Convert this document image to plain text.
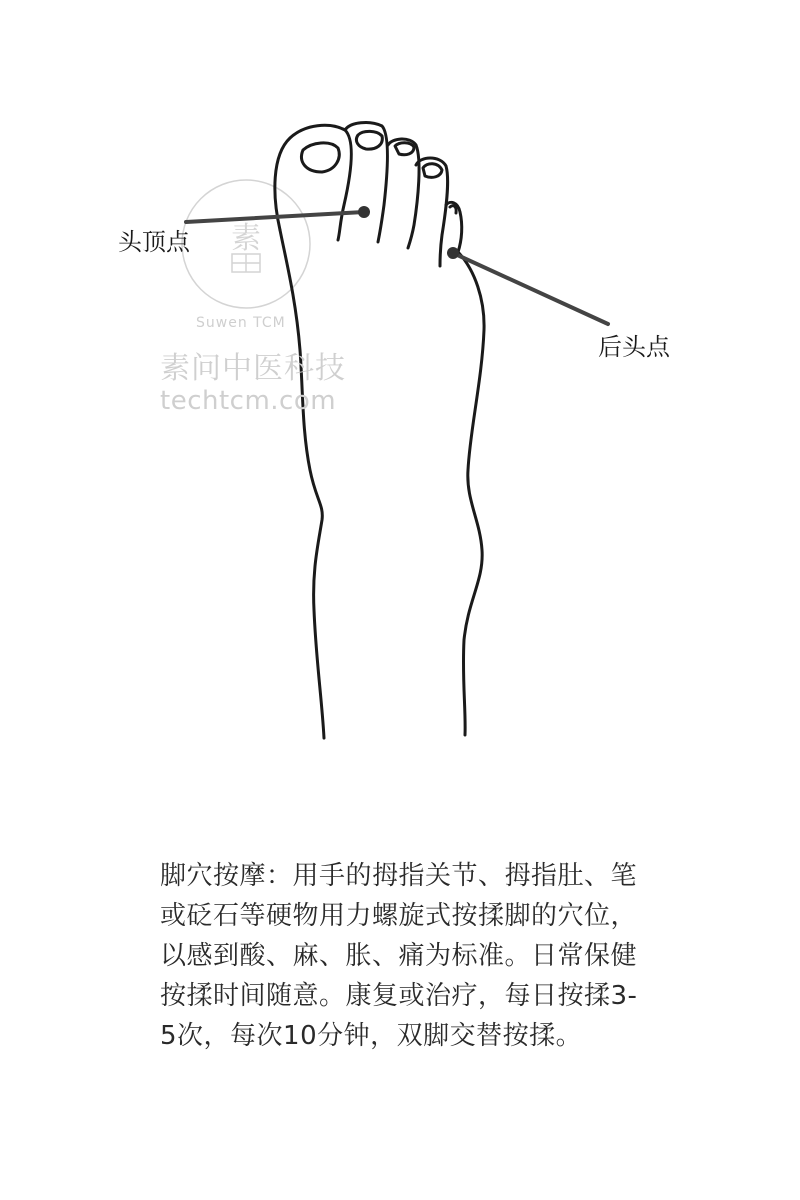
素
头顶点
后头点
Suwen TCM
素问中医科技
techtcm.com
脚穴按摩：用手的拇指关节、拇指肚、笔或砭石等硬物用力螺旋式按揉脚的穴位，以感到酸、麻、胀、痛为标准。日常保健按揉时间随意。康复或治疗，每日按揉3-5次，每次10分钟，双脚交替按揉。
